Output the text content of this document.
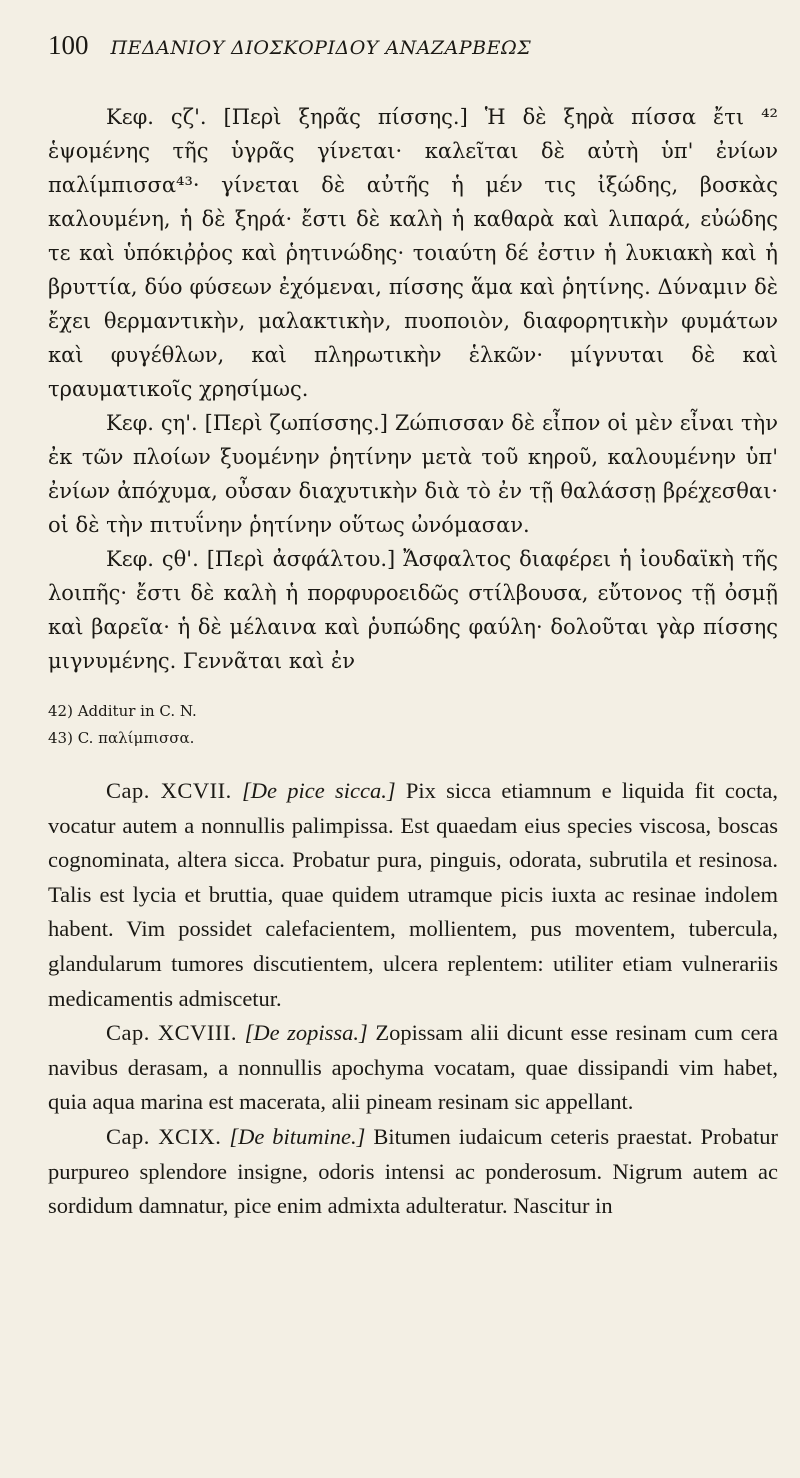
100 ΠΕΔΑΝΙΟΥ ΔΙΟΣΚΟΡΙΔΟΥ ΑΝΑΖΑΡΒΕΩΣ

Κεφ. ςζ'. [Περὶ ξηρᾶς πίσσης.] Ἡ δὲ ξηρὰ πίσσα ἔτι ⁴² ἑψομένης τῆς ὑγρᾶς γίνεται· καλεῖται δὲ αὐτὴ ὑπ' ἐνίων παλίμπισσα⁴³· γίνεται δὲ αὐτῆς ἡ μέν τις ἰξώδης, βοσκὰς καλουμένη, ἡ δὲ ξηρά· ἔστι δὲ καλὴ ἡ καθαρὰ καὶ λιπαρά, εὐώδης τε καὶ ὑπόκιῤῥος καὶ ῥητινώδης· τοιαύτη δέ ἐστιν ἡ λυκιακὴ καὶ ἡ βρυττία, δύο φύσεων ἐχόμεναι, πίσσης ἅμα καὶ ῥητίνης. Δύναμιν δὲ ἔχει θερμαντικὴν, μαλακτικὴν, πυοποιὸν, διαφορητικὴν φυμάτων καὶ φυγέθλων, καὶ πληρωτικὴν ἑλκῶν· μίγνυται δὲ καὶ τραυματικοῖς χρησίμως.

Κεφ. ςη'. [Περὶ ζωπίσσης.] Ζώπισσαν δὲ εἶπον οἱ μὲν εἶναι τὴν ἐκ τῶν πλοίων ξυομένην ῥητίνην μετὰ τοῦ κηροῦ, καλουμένην ὑπ' ἐνίων ἀπόχυμα, οὖσαν διαχυτικὴν διὰ τὸ ἐν τῇ θαλάσσῃ βρέχεσθαι· οἱ δὲ τὴν πιτυΐνην ῥητίνην οὕτως ὠνόμασαν.

Κεφ. ςθ'. [Περὶ ἀσφάλτου.] Ἄσφαλτος διαφέρει ἡ ἰουδαϊκὴ τῆς λοιπῆς· ἔστι δὲ καλὴ ἡ πορφυροειδῶς στίλβουσα, εὔτονος τῇ ὀσμῇ καὶ βαρεῖα· ἡ δὲ μέλαινα καὶ ῥυπώδης φαύλη· δολοῦται γὰρ πίσσης μιγνυμένης. Γεννᾶται καὶ ἐν

42) Additur in C. N.

43) C. παλίμπισσα.

Cap. XCVII. [De pice sicca.] Pix sicca etiamnum e liquida fit cocta, vocatur autem a nonnullis palimpissa. Est quaedam eius species viscosa, boscas cognominata, altera sicca. Probatur pura, pinguis, odorata, subrutila et resinosa. Talis est lycia et bruttia, quae quidem utramque picis iuxta ac resinae indolem habent. Vim possidet calefacientem, mollientem, pus moventem, tubercula, glandularum tumores discutientem, ulcera replentem: utiliter etiam vulnerariis medicamentis admiscetur.

Cap. XCVIII. [De zopissa.] Zopissam alii dicunt esse resinam cum cera navibus derasam, a nonnullis apochyma vocatam, quae dissipandi vim habet, quia aqua marina est macerata, alii pineam resinam sic appellant.

Cap. XCIX. [De bitumine.] Bitumen iudaicum ceteris praestat. Probatur purpureo splendore insigne, odoris intensi ac ponderosum. Nigrum autem ac sordidum damnatur, pice enim admixta adulteratur. Nascitur in
